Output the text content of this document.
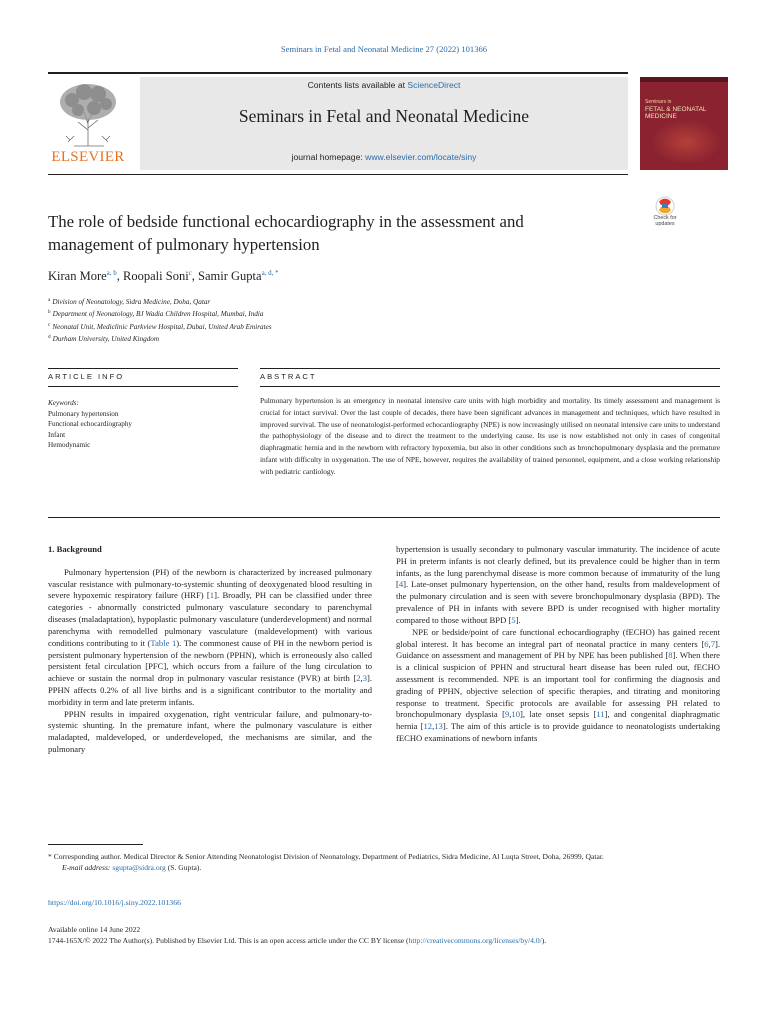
Seminars in Fetal and Neonatal Medicine 27 (2022) 101366
ELSEVIER
Contents lists available at ScienceDirect
Seminars in Fetal and Neonatal Medicine
journal homepage: www.elsevier.com/locate/siny
Seminars in
FETAL & NEONATAL MEDICINE
The role of bedside functional echocardiography in the assessment and
management of pulmonary hypertension
Check for
updates
Kiran More$^{a, b}$, Roopali Soni$^c$, Samir Gupta$^{a, d, *}$
$^a$ Division of Neonatology, Sidra Medicine, Doha, Qatar
$^b$ Department of Neonatology, BJ Wadia Children Hospital, Mumbai, India
$^c$ Neonatal Unit, Mediclinic Parkview Hospital, Dubai, United Arab Emirates
$^d$ Durham University, United Kingdom
ARTICLE INFO	ABSTRACT
Keywords:
Pulmonary hypertension
Functional echocardiography
Infant
Hemodynamic
Pulmonary hypertension is an emergency in neonatal intensive care units with high morbidity and mortality. Its timely assessment and management is crucial for intact survival. Over the last couple of decades, there have been significant advances in management and techniques, which have resulted in improved survival. The use of neonatologist-performed echocardiography (NPE) is now increasingly utilised on neonatal intensive care units to understand the pathophysiology of the disease and to direct the treatment to the underlying cause. Its use is now established not only in cases of congenital diaphragmatic hernia and in the newborn with refractory hypoxemia, but also in other conditions such as bronchopulmonary dysplasia and the premature infant with difficulty in oxygenation. The use of NPE, however, requires the availability of trained personnel, equipment, and a close working relationship with pediatric cardiology.
1. Background

Pulmonary hypertension (PH) of the newborn is characterized by increased pulmonary vascular resistance with pulmonary-to-systemic shunting of deoxygenated blood resulting in severe hypoxemic respiratory failure (HRF) [1]. Broadly, PH can be classified under three categories - abnormally constricted pulmonary vasculature secondary to parenchymal diseases (maladaptation), hypoplastic pulmonary vasculature (underdevelopment) and normal parenchyma with remodelled pulmonary vasculature (maldevelopment) with various conditions contributing to it (Table 1). The commonest cause of PH in the newborn period is persistent pulmonary hypertension of the newborn (PPHN), which is erroneously also called persistent fetal circulation [PFC], which occurs from a failure of the lung circulation to achieve or sustain the normal drop in pulmonary vascular resistance (PVR) at birth [2,3]. PPHN affects 0.2% of all live births and is a significant contributor to the mortality and morbidity in term and late preterm infants.

PPHN results in impaired oxygenation, right ventricular failure, and pulmonary-to-systemic shunting. In the premature infant, where the pulmonary vasculature is either maladapted, maldeveloped, or underdeveloped, the mechanisms are similar, and the pulmonary

hypertension is usually secondary to pulmonary vascular immaturity. The incidence of acute PH in preterm infants is not clearly defined, but its prevalence could be higher than in term infants, as the lung parenchymal disease is more common because of immaturity of the lung [4]. Late-onset pulmonary hypertension, on the other hand, results from maldevelopment of the pulmonary circulation and is seen with severe bronchopulmonary dysplasia (BPD). The prevalence of PH in infants with severe BPD is under recognised with higher mortality compared to those without BPD [5].

NPE or bedside/point of care functional echocardiography (fECHO) has gained recent global interest. It has become an integral part of neonatal practice in many centers [6,7]. Guidance on assessment and management of PH by NPE has been published [8]. When there is a clinical suspicion of PPHN and structural heart disease has been ruled out, fECHO assessment is recommended. NPE is an important tool for confirming the diagnosis and grading of PPHN, objective selection of specific therapies, and titrating and monitoring response to treatment. Specific protocols are available for assessing PH related to bronchopulmonary dysplasia [9,10], late onset sepsis [11], and congenital diaphragmatic hernia [12,13]. The aim of this article is to provide guidance to neonatologists undertaking fECHO examinations of newborn infants

* Corresponding author. Medical Director & Senior Attending Neonatologist Division of Neonatology, Department of Pediatrics, Sidra Medicine, Al Luqta Street, Doha, 26999, Qatar.
E-mail address: sgupta@sidra.org (S. Gupta).
https://doi.org/10.1016/j.siny.2022.101366
Available online 14 June 2022
1744-165X/© 2022 The Author(s). Published by Elsevier Ltd. This is an open access article under the CC BY license (http://creativecommons.org/licenses/by/4.0/).
